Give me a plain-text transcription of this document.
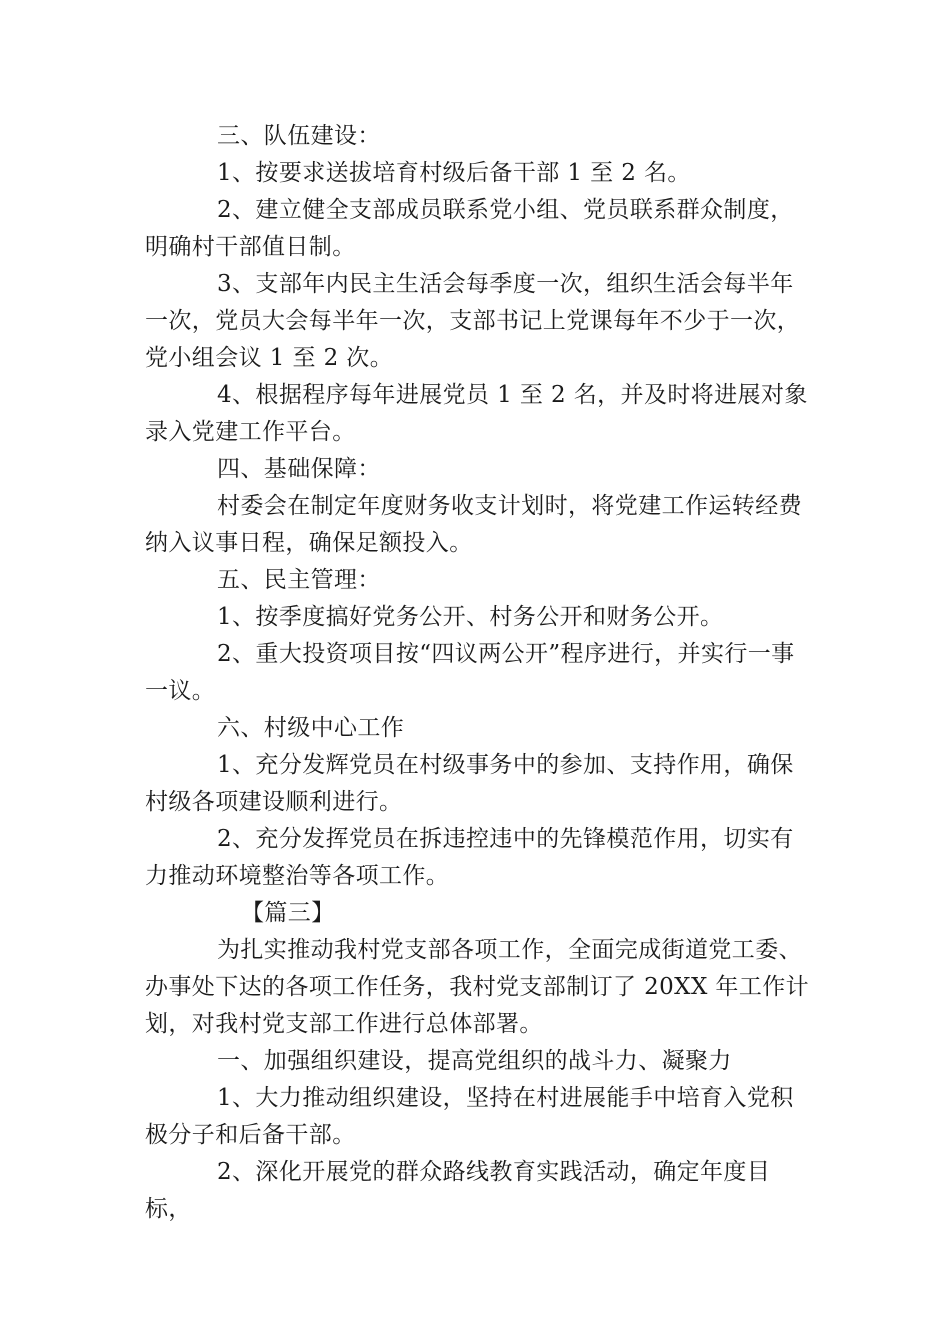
三、队伍建设：

1、按要求送拔培育村级后备干部 1 至 2 名。

2、建立健全支部成员联系党小组、党员联系群众制度，明确村干部值日制。

3、支部年内民主生活会每季度一次，组织生活会每半年一次，党员大会每半年一次，支部书记上党课每年不少于一次，党小组会议 1 至 2 次。

4、根据程序每年进展党员 1 至 2 名，并及时将进展对象录入党建工作平台。

四、基础保障：

村委会在制定年度财务收支计划时，将党建工作运转经费纳入议事日程，确保足额投入。

五、民主管理：

1、按季度搞好党务公开、村务公开和财务公开。

2、重大投资项目按“四议两公开”程序进行，并实行一事一议。

六、村级中心工作

1、充分发辉党员在村级事务中的参加、支持作用，确保村级各项建设顺利进行。

2、充分发挥党员在拆违控违中的先锋模范作用，切实有力推动环境整治等各项工作。

【篇三】

为扎实推动我村党支部各项工作，全面完成街道党工委、办事处下达的各项工作任务，我村党支部制订了 20XX 年工作计划，对我村党支部工作进行总体部署。

一、加强组织建设，提高党组织的战斗力、凝聚力

1、大力推动组织建设，坚持在村进展能手中培育入党积极分子和后备干部。

2、深化开展党的群众路线教育实践活动，确定年度目标，
